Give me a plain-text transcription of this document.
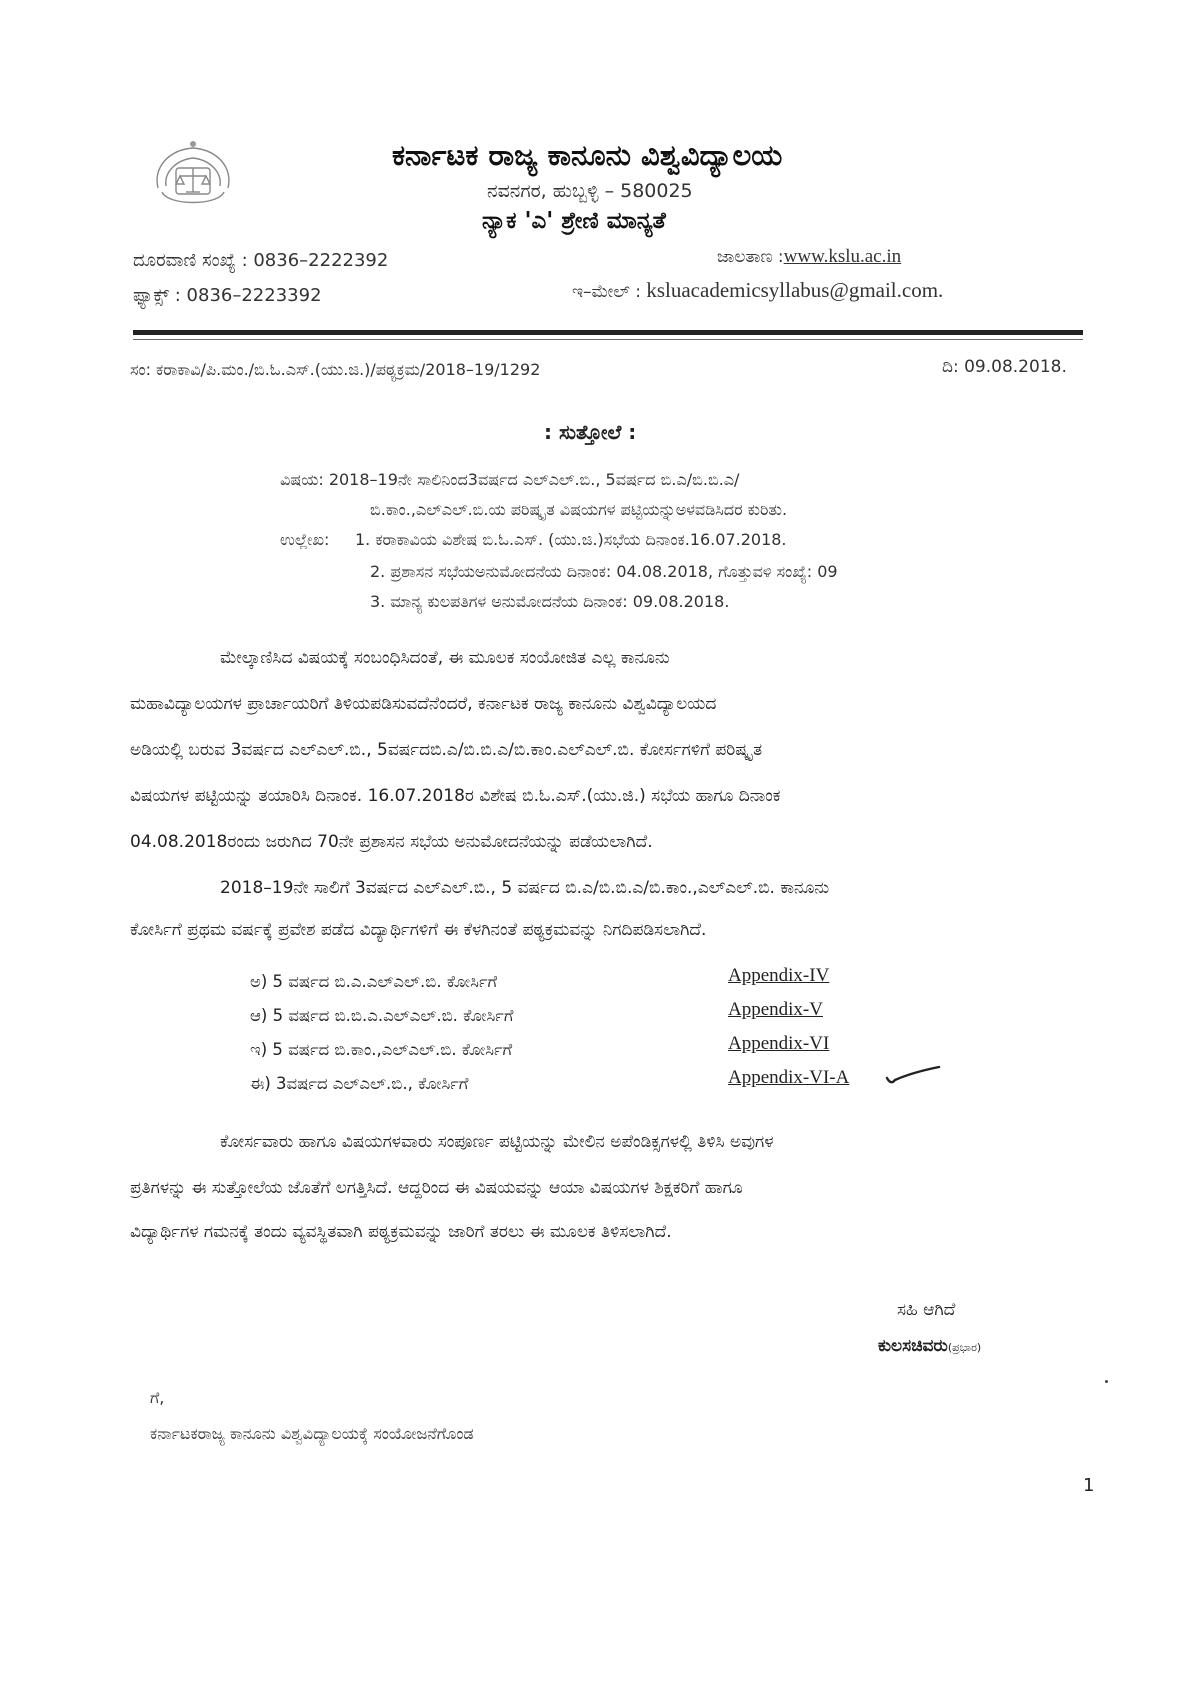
ಕರ್ನಾಟಕ ರಾಜ್ಯ ಕಾನೂನು ವಿಶ್ವವಿದ್ಯಾಲಯ
ನವನಗರ, ಹುಬ್ಬಳ್ಳಿ – 580025
ನ್ಯಾಕ 'ಎ' ಶ್ರೇಣಿ ಮಾನ್ಯತೆ
ದೂರವಾಣಿ ಸಂಖ್ಯೆ : 0836–2222392
ಫ್ಯಾಕ್ಸ್ : 0836–2223392
ಜಾಲತಾಣ :www.kslu.ac.in
ಇ–ಮೇಲ್ : ksluacademicsyllabus@gmail.com.
ಸಂ: ಕರಾಕಾವಿ/ಪಿ.ಮಂ./ಬಿ.ಓ.ಎಸ್.(ಯು.ಜಿ.)/ಪಠ್ಯಕ್ರಮ/2018–19/1292	ದಿ: 09.08.2018.
: ಸುತ್ತೋಲೆ :
ವಿಷಯ: 2018–19ನೇ ಸಾಲಿನಿಂದ3ವರ್ಷದ ಎಲ್‌ಎಲ್.ಬಿ., 5ವರ್ಷದ ಬಿ.ಎ/ಬಿ.ಬಿ.ಎ/
ಬಿ.ಕಾಂ.,ಎಲ್‌ಎಲ್.ಬಿ.ಯ ಪರಿಷ್ಕೃತ ವಿಷಯಗಳ ಪಟ್ಟಿಯನ್ನುಅಳವಡಿಸಿದರ ಕುರಿತು.
ಉಲ್ಲೇಖ: 1. ಕರಾಕಾವಿಯ ವಿಶೇಷ ಬಿ.ಓ.ಎಸ್. (ಯು.ಜಿ.)ಸಭೆಯ ದಿನಾಂಕ.16.07.2018.
2. ಪ್ರಶಾಸನ ಸಭೆಯಅನುಮೋದನೆಯ ದಿನಾಂಕ: 04.08.2018, ಗೊತ್ತುವಳಿ ಸಂಖ್ಯೆ: 09
3. ಮಾನ್ಯ ಕುಲಪತಿಗಳ ಅನುಮೋದನೆಯ ದಿನಾಂಕ: 09.08.2018.
ಮೇಲ್ಕಾಣಿಸಿದ ವಿಷಯಕ್ಕೆ ಸಂಬಂಧಿಸಿದಂತೆ, ಈ ಮೂಲಕ ಸಂಯೋಜಿತ ಎಲ್ಲ ಕಾನೂನು
ಮಹಾವಿದ್ಯಾಲಯಗಳ ಪ್ರಾರ್ಚಾಯರಿಗೆ ತಿಳಿಯಪಡಿಸುವದೆನೆಂದರೆ, ಕರ್ನಾಟಕ ರಾಜ್ಯ ಕಾನೂನು ವಿಶ್ವವಿದ್ಯಾಲಯದ
ಅಡಿಯಲ್ಲಿ ಬರುವ 3ವರ್ಷದ ಎಲ್‌ಎಲ್.ಬಿ., 5ವರ್ಷದಬಿ.ಎ/ಬಿ.ಬಿ.ಎ/ಬಿ.ಕಾಂ.ಎಲ್‌ಎಲ್.ಬಿ. ಕೋರ್ಸಗಳಿಗೆ ಪರಿಷ್ಕೃತ
ವಿಷಯಗಳ ಪಟ್ಟಿಯನ್ನು ತಯಾರಿಸಿ ದಿನಾಂಕ. 16.07.2018ರ ವಿಶೇಷ ಬಿ.ಓ.ಎಸ್.(ಯು.ಜಿ.) ಸಭೆಯ ಹಾಗೂ ದಿನಾಂಕ
04.08.2018ರಂದು ಜರುಗಿದ 70ನೇ ಪ್ರಶಾಸನ ಸಭೆಯ ಅನುಮೋದನೆಯನ್ನು ಪಡೆಯಲಾಗಿದೆ.
2018–19ನೇ ಸಾಲಿಗೆ 3ವರ್ಷದ ಎಲ್‌ಎಲ್.ಬಿ., 5 ವರ್ಷದ ಬಿ.ಎ/ಬಿ.ಬಿ.ಎ/ಬಿ.ಕಾಂ.,ಎಲ್‌ಎಲ್.ಬಿ. ಕಾನೂನು
ಕೋರ್ಸಿಗೆ ಪ್ರಥಮ ವರ್ಷಕ್ಕೆ ಪ್ರವೇಶ ಪಡೆದ ವಿದ್ಯಾರ್ಥಿಗಳಿಗೆ ಈ ಕೆಳಗಿನಂತೆ ಪಠ್ಯಕ್ರಮವನ್ನು ನಿಗದಿಪಡಿಸಲಾಗಿದೆ.
ಅ) 5 ವರ್ಷದ ಬಿ.ಎ.ಎಲ್‌ಎಲ್.ಬಿ. ಕೋರ್ಸಿಗೆ	Appendix-IV
ಆ) 5 ವರ್ಷದ ಬಿ.ಬಿ.ಎ.ಎಲ್‌ಎಲ್.ಬಿ. ಕೋರ್ಸಿಗೆ	Appendix-V
ಇ) 5 ವರ್ಷದ ಬಿ.ಕಾಂ.,ಎಲ್‌ಎಲ್.ಬಿ. ಕೋರ್ಸಿಗೆ	Appendix-VI
ಈ) 3ವರ್ಷದ ಎಲ್‌ಎಲ್.ಬಿ., ಕೋರ್ಸಿಗೆ	Appendix-VI-A
ಕೋರ್ಸವಾರು ಹಾಗೂ ವಿಷಯಗಳವಾರು ಸಂಪೂರ್ಣ ಪಟ್ಟಿಯನ್ನು ಮೇಲಿನ ಅಪೆಂಡಿಕ್ಸಗಳಲ್ಲಿ ತಿಳಿಸಿ ಅವುಗಳ
ಪ್ರತಿಗಳನ್ನು ಈ ಸುತ್ತೋಲೆಯ ಜೊತೆಗೆ ಲಗತ್ತಿಸಿದೆ. ಆದ್ದರಿಂದ ಈ ವಿಷಯವನ್ನು ಆಯಾ ವಿಷಯಗಳ ಶಿಕ್ಷಕರಿಗೆ ಹಾಗೂ
ವಿದ್ಯಾರ್ಥಿಗಳ ಗಮನಕ್ಕೆ ತಂದು ವ್ಯವಸ್ಥಿತವಾಗಿ ಪಠ್ಯಕ್ರಮವನ್ನು ಜಾರಿಗೆ ತರಲು ಈ ಮೂಲಕ ತಿಳಿಸಲಾಗಿದೆ.
ಸಹಿ ಆಗಿದೆ
ಕುಲಸಚಿವರು(ಪ್ರಭಾರ)
ಗೆ,
ಕರ್ನಾಟಕರಾಜ್ಯ ಕಾನೂನು ವಿಶ್ವವಿದ್ಯಾಲಯಕ್ಕೆ ಸಂಯೋಜನೆಗೊಂಡ
1
